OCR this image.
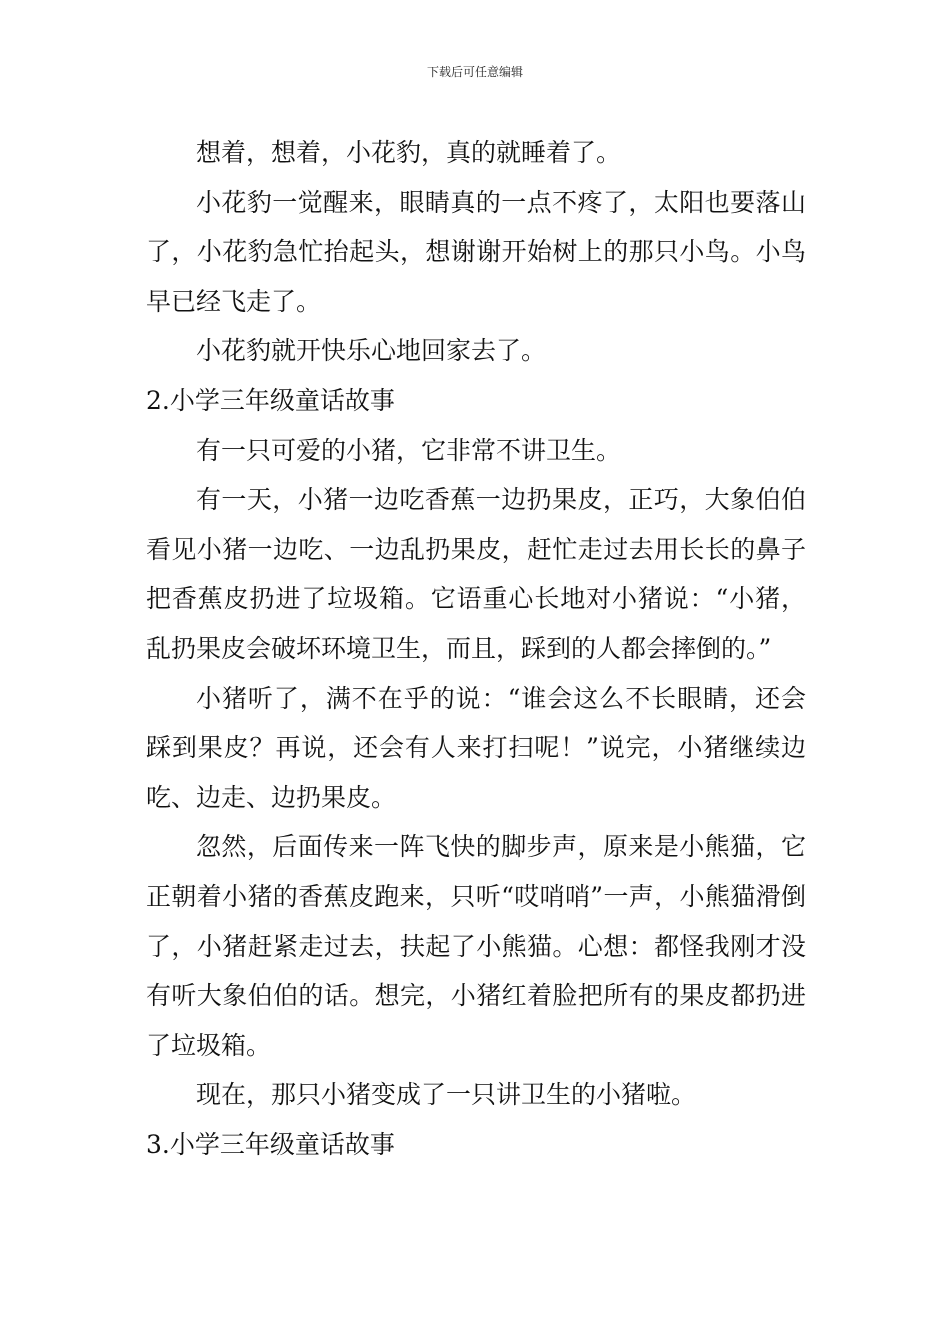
下载后可任意编辑

想着，想着，小花豹，真的就睡着了。

小花豹一觉醒来，眼睛真的一点不疼了，太阳也要落山了，小花豹急忙抬起头，想谢谢开始树上的那只小鸟。小鸟早已经飞走了。

小花豹就开快乐心地回家去了。

2.小学三年级童话故事

有一只可爱的小猪，它非常不讲卫生。

有一天，小猪一边吃香蕉一边扔果皮，正巧，大象伯伯看见小猪一边吃、一边乱扔果皮，赶忙走过去用长长的鼻子把香蕉皮扔进了垃圾箱。它语重心长地对小猪说：“小猪，乱扔果皮会破坏环境卫生，而且，踩到的人都会摔倒的。”

小猪听了，满不在乎的说：“谁会这么不长眼睛，还会踩到果皮？再说，还会有人来打扫呢！”说完，小猪继续边吃、边走、边扔果皮。

忽然，后面传来一阵飞快的脚步声，原来是小熊猫，它正朝着小猪的香蕉皮跑来，只听“哎哨哨”一声，小熊猫滑倒了，小猪赶紧走过去，扶起了小熊猫。心想：都怪我刚才没有听大象伯伯的话。想完，小猪红着脸把所有的果皮都扔进了垃圾箱。

现在，那只小猪变成了一只讲卫生的小猪啦。

3.小学三年级童话故事
